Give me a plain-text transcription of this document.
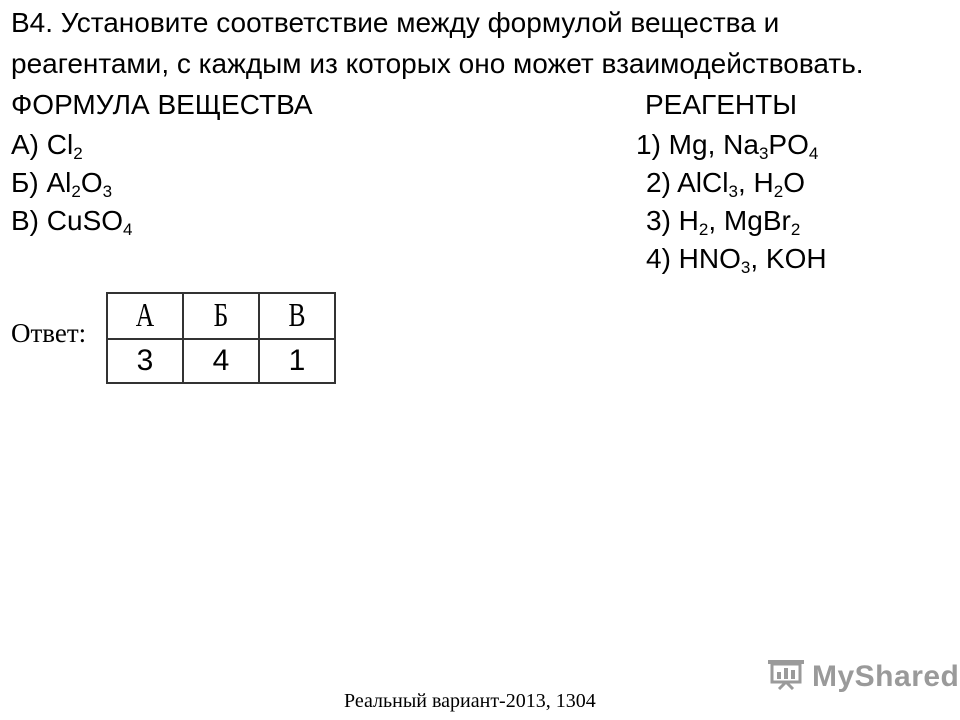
B4. Установите соответствие между формулой вещества и
реагентами, с каждым из которых оно может взаимодействовать.
ФОРМУЛА ВЕЩЕСТВА	РЕАГЕНТЫ
А) $Cl_2$
Б) $Al_2O_3$
В) CuSO$_4$
1) Mg, $Na_3PO_4$
2) AlCl$_3$, $H_2O$
3) $H_2$, MgBr$_2$
4) $HNO_3$, KOH
Ответ: А	Б	В
3	4	1
Реальный вариант-2013, 1304
MyShared
